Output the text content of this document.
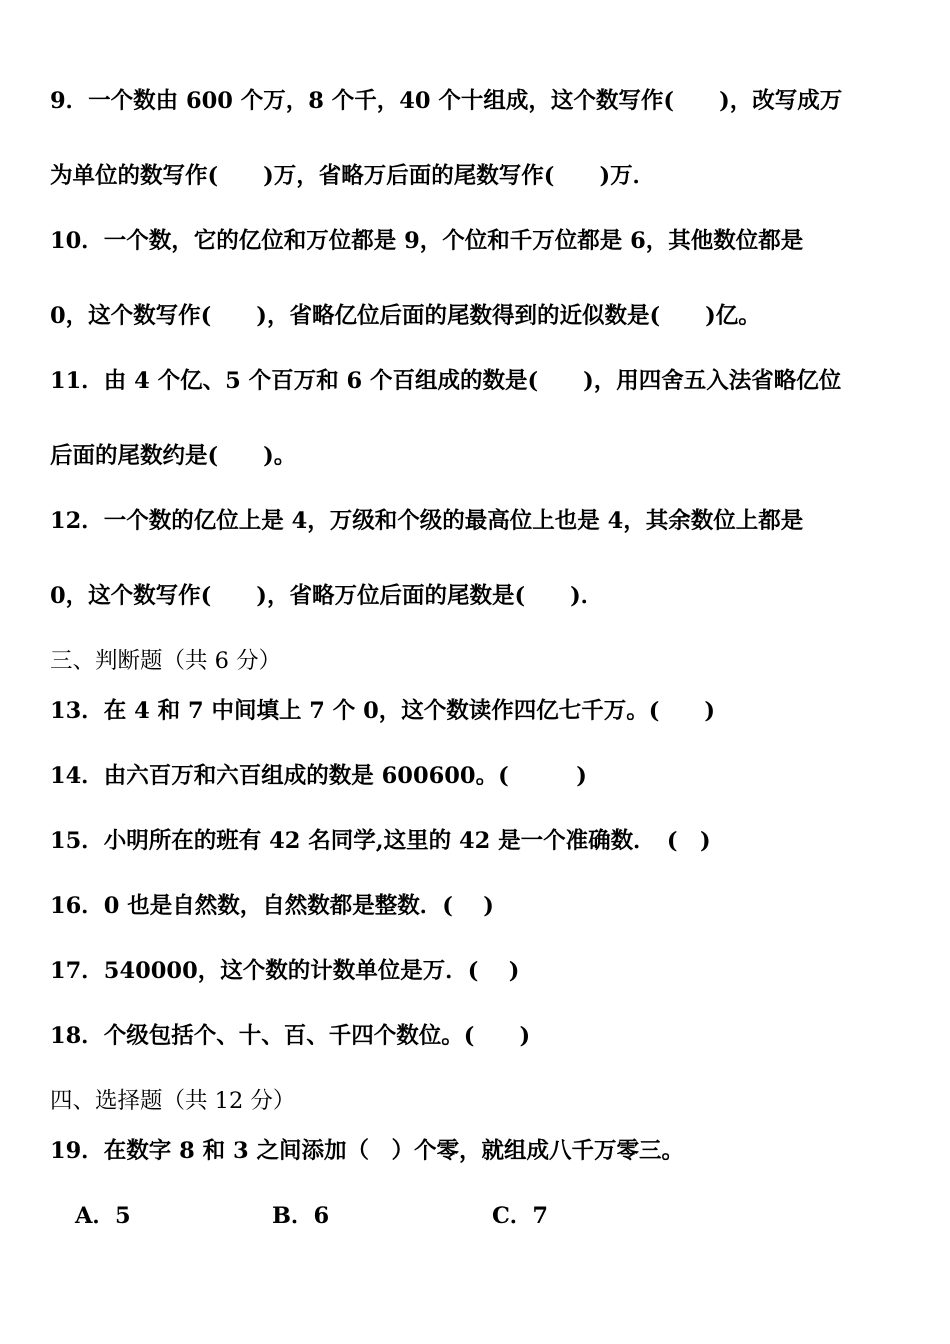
9．一个数由 600 个万，8 个千，40 个十组成，这个数写作(　　)，改写成万

为单位的数写作(　　)万，省略万后面的尾数写作(　　)万．

10．一个数，它的亿位和万位都是 9，个位和千万位都是 6，其他数位都是

0，这个数写作(　　)，省略亿位后面的尾数得到的近似数是(　　)亿。

11．由 4 个亿、5 个百万和 6 个百组成的数是(　　)，用四舍五入法省略亿位

后面的尾数约是(　　)。

12．一个数的亿位上是 4，万级和个级的最高位上也是 4，其余数位上都是

0，这个数写作(　　)，省略万位后面的尾数是(　　)．

三、判断题（共 6 分）

13．在 4 和 7 中间填上 7 个 0，这个数读作四亿七千万。(　　)

14．由六百万和六百组成的数是 600600。(　　　)

15．小明所在的班有 42 名同学,这里的 42 是一个准确数．　(　)

16．0 也是自然数，自然数都是整数．(　 )

17．540000，这个数的计数单位是万．(　 )

18．个级包括个、十、百、千四个数位。(　　)

四、选择题（共 12 分）

19．在数字 8 和 3 之间添加（　）个零，就组成八千万零三。

A．5	B．6	C．7
